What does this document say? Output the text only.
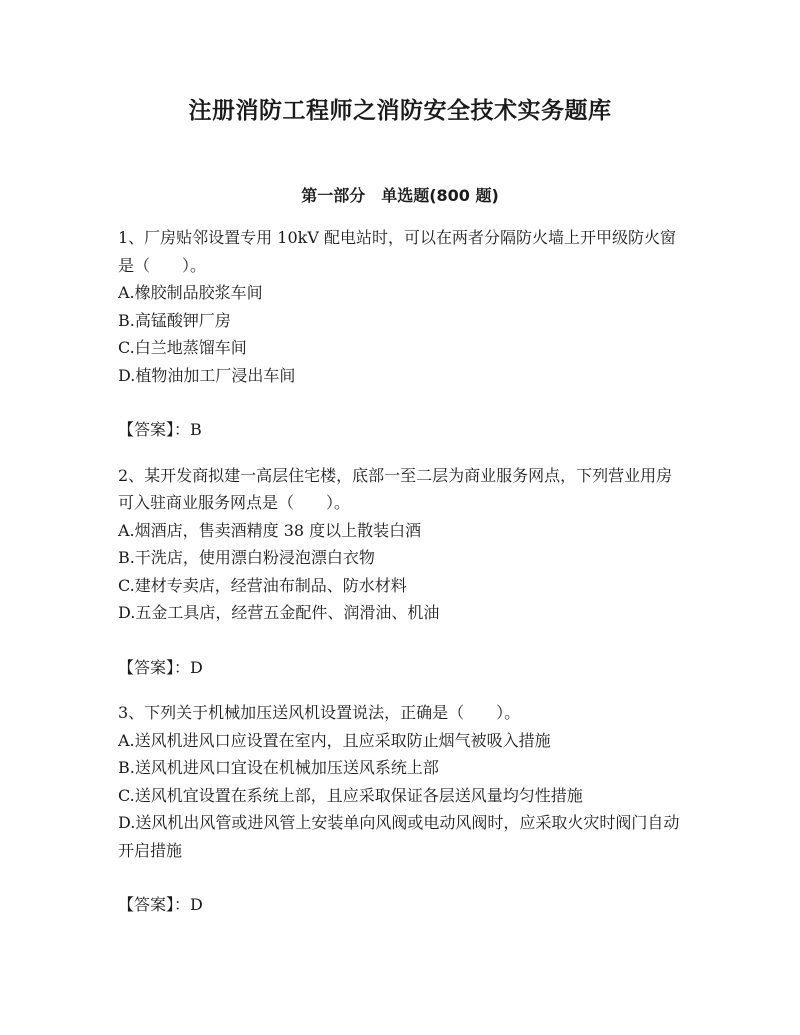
注册消防工程师之消防安全技术实务题库
第一部分　单选题(800 题)
1、厂房贴邻设置专用 10kV 配电站时，可以在两者分隔防火墙上开甲级防火窗是（　　）。
A.橡胶制品胶浆车间
B.高锰酸钾厂房
C.白兰地蒸馏车间
D.植物油加工厂浸出车间
【答案】：B
2、某开发商拟建一高层住宅楼，底部一至二层为商业服务网点，下列营业用房可入驻商业服务网点是（　　）。
A.烟酒店，售卖酒精度 38 度以上散装白酒
B.干洗店，使用漂白粉浸泡漂白衣物
C.建材专卖店，经营油布制品、防水材料
D.五金工具店，经营五金配件、润滑油、机油
【答案】：D
3、下列关于机械加压送风机设置说法，正确是（　　）。
A.送风机进风口应设置在室内，且应采取防止烟气被吸入措施
B.送风机进风口宜设在机械加压送风系统上部
C.送风机宜设置在系统上部，且应采取保证各层送风量均匀性措施
D.送风机出风管或进风管上安装单向风阀或电动风阀时，应采取火灾时阀门自动开启措施
【答案】：D
